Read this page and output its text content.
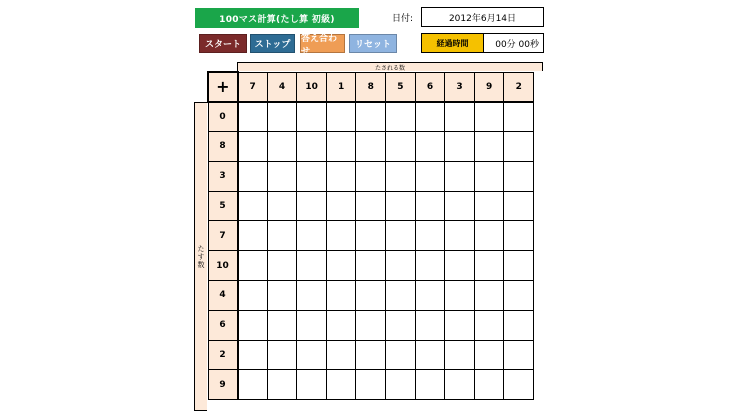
100マス計算(たし算 初級)	日付:	2012年6月14日
スタート	ストップ
答え合わせ
リセット	経過時間	00分 00秒
たされる数
たす数
+	7	4	10	1	8	5	6	3	9	2
0										
8										
3										
5										
7										
10										
4										
6										
2										
9										
